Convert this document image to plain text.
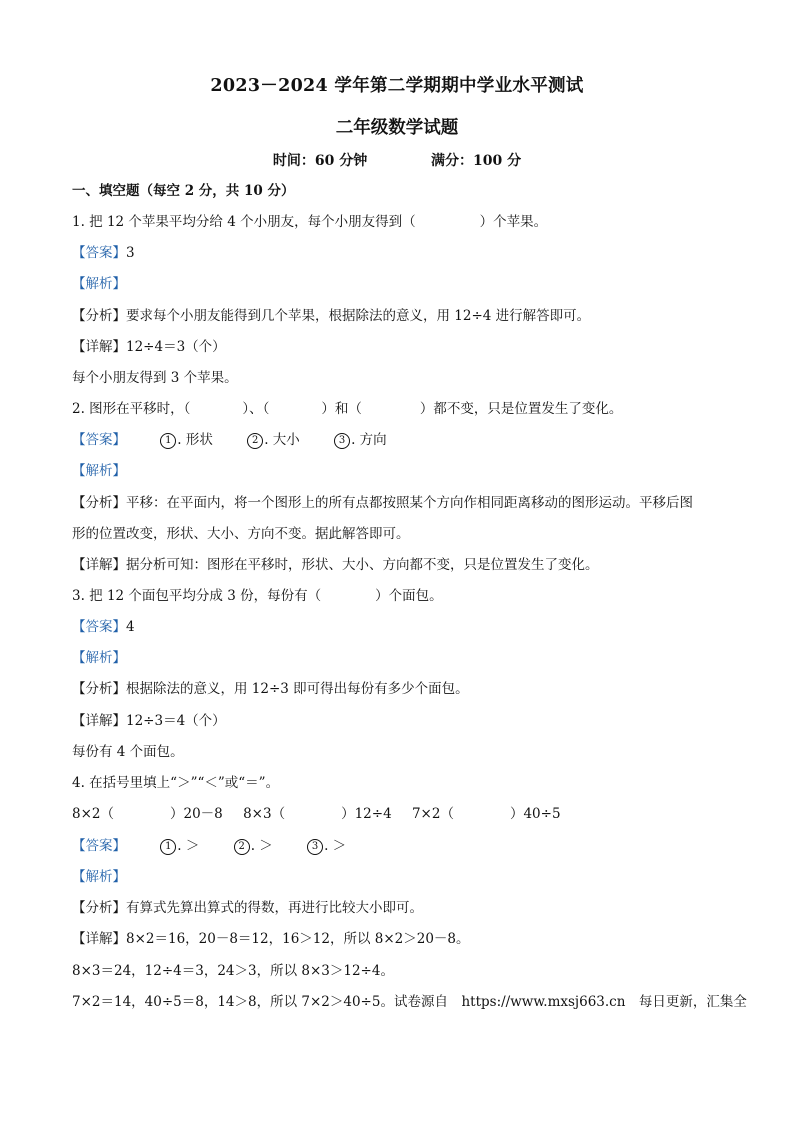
2023－2024 学年第二学期期中学业水平测试
二年级数学试题
时间：60 分钟	满分：100 分
一、填空题（每空 2 分，共 10 分）
1. 把 12 个苹果平均分给 4 个小朋友，每个小朋友得到（	）个苹果。
【答案】3
【解析】
【分析】要求每个小朋友能得到几个苹果，根据除法的意义，用 12÷4 进行解答即可。
【详解】12÷4＝3（个）
每个小朋友得到 3 个苹果。
2. 图形在平移时，（	）、（	）和（	）都不变，只是位置发生了变化。
【答案】	1 . 形状	2 . 大小	3 . 方向
【解析】
【分析】平移：在平面内，将一个图形上的所有点都按照某个方向作相同距离移动的图形运动。平移后图
形的位置改变，形状、大小、方向不变。据此解答即可。
【详解】据分析可知：图形在平移时，形状、大小、方向都不变，只是位置发生了变化。
3. 把 12 个面包平均分成 3 份，每份有（	）个面包。
【答案】4
【解析】
【分析】根据除法的意义，用 12÷3 即可得出每份有多少个面包。
【详解】12÷3＝4（个）
每份有 4 个面包。
4. 在括号里填上“＞”“＜”或“＝”。
8×2（	）20－8 8×3（	）12÷4 7×2（	）40÷5
【答案】	1 . ＞	2 . ＞	3 . ＞
【解析】
【分析】有算式先算出算式的得数，再进行比较大小即可。
【详解】8×2＝16，20－8＝12，16＞12，所以 8×2＞20－8。
8×3＝24，12÷4＝3，24＞3，所以 8×3＞12÷4。
7×2＝14，40÷5＝8，14＞8，所以 7×2＞40÷5。试卷源自　https://www.mxsj663.cn　每日更新，汇集全
